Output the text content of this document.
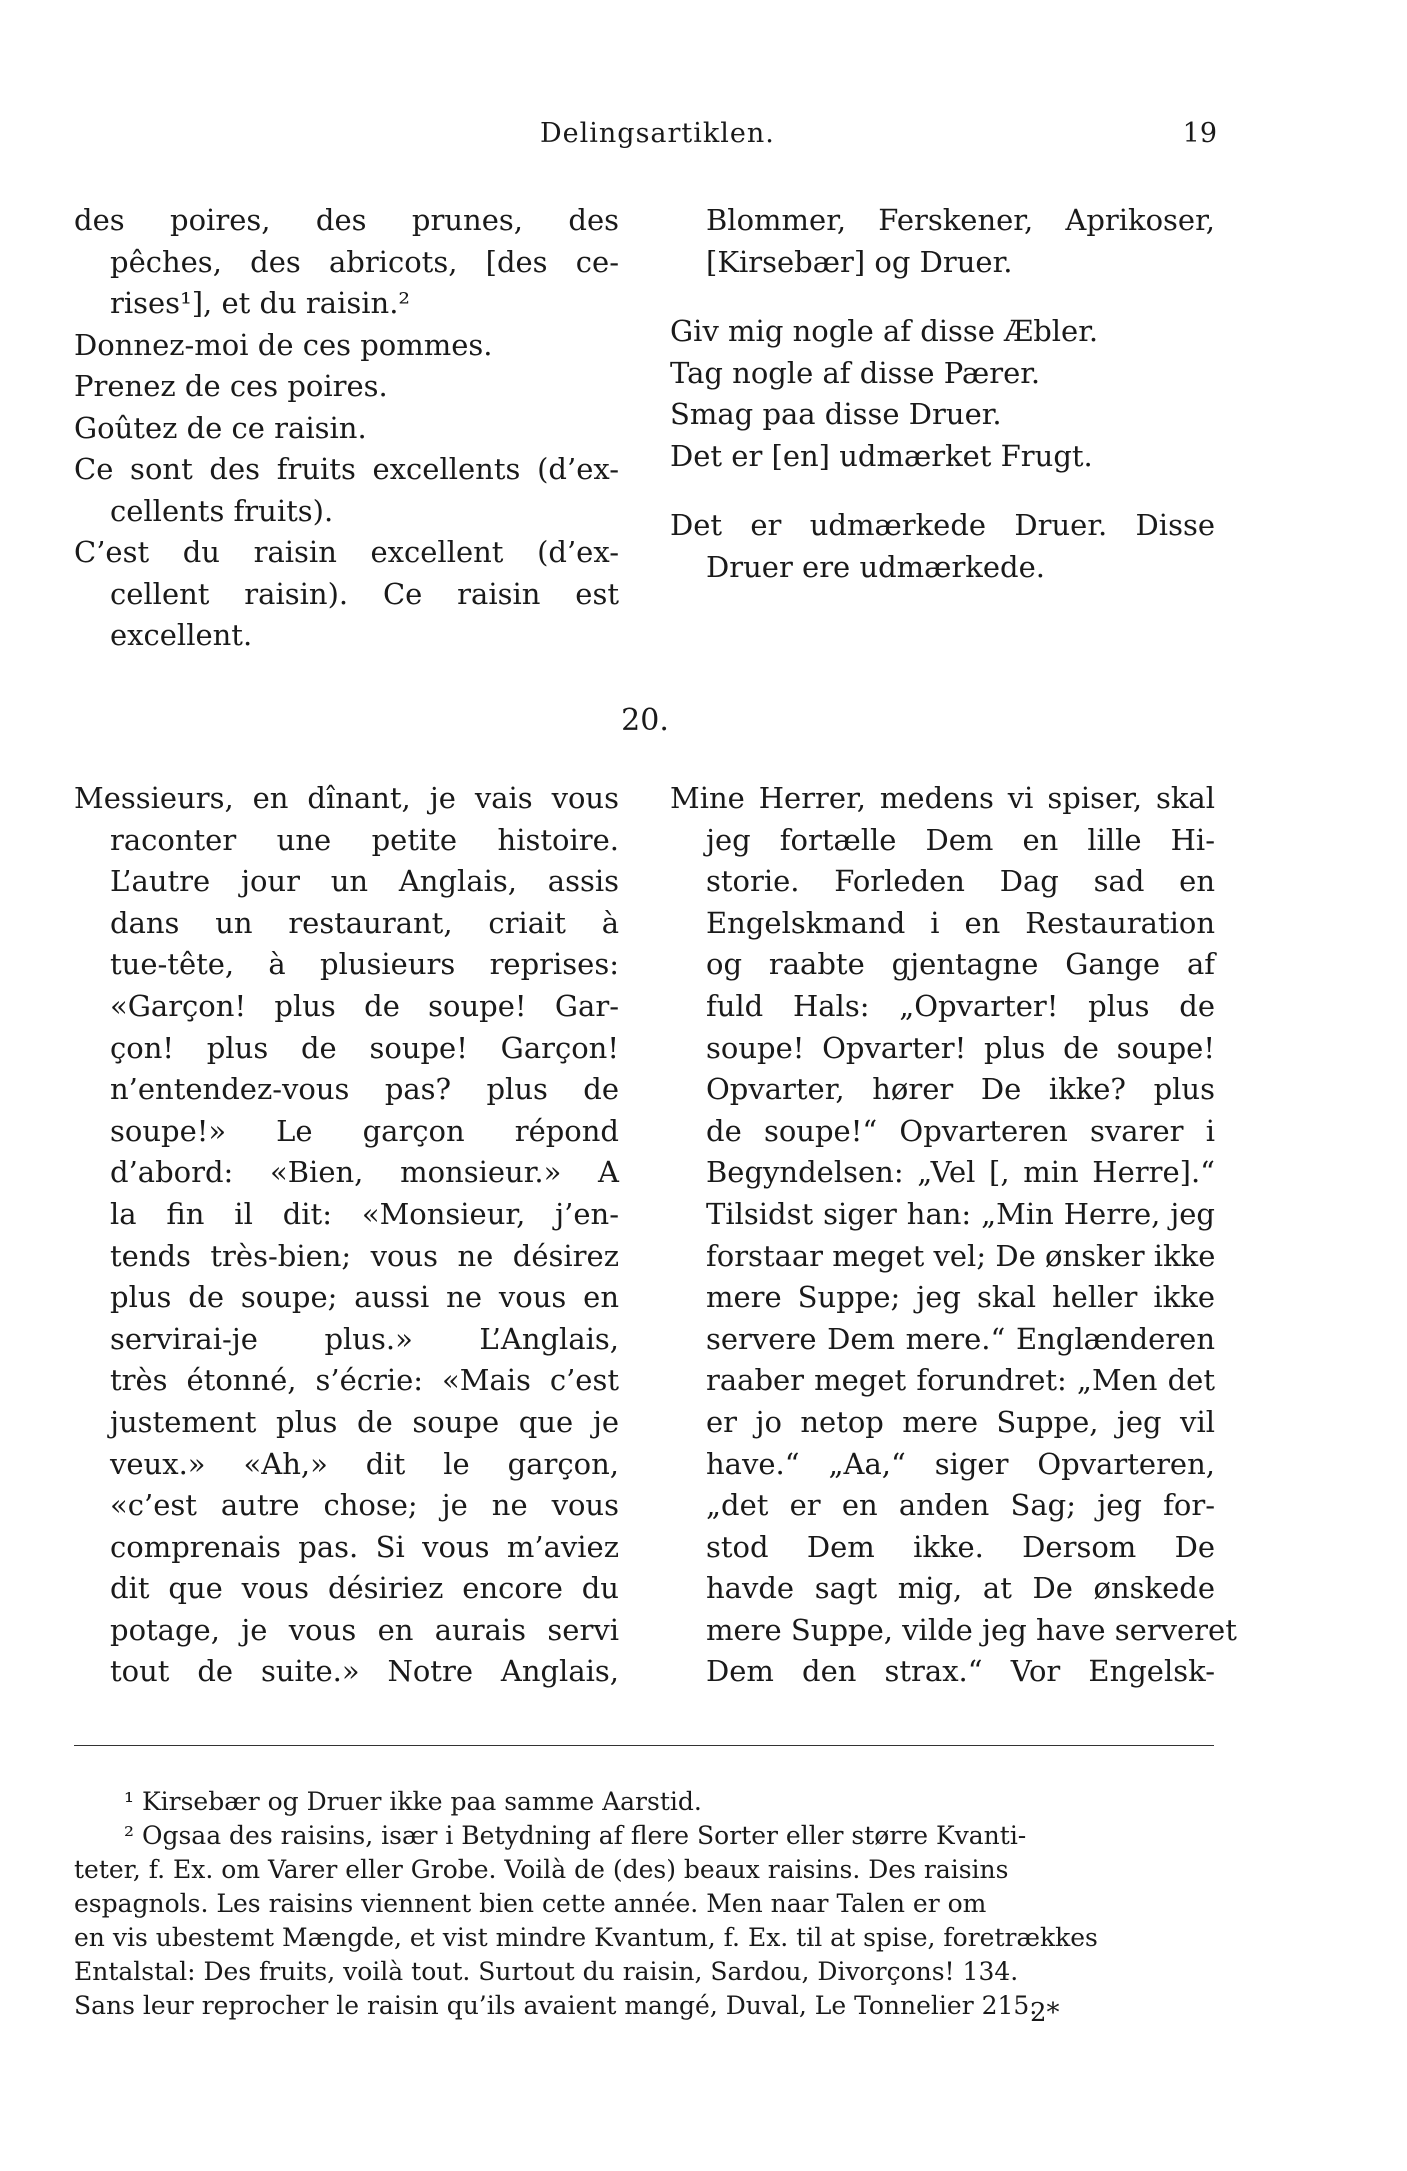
Delingsartiklen.	19
des poires, des prunes, des
pêches, des abricots, [des ce-
rises¹], et du raisin.²
Donnez-moi de ces pommes.
Prenez de ces poires.
Goûtez de ce raisin.
Ce sont des fruits excellents (d’ex-
cellents fruits).
C’est du raisin excellent (d’ex-
cellent raisin). Ce raisin est
excellent.
Blommer, Ferskener, Aprikoser,
[Kirsebær] og Druer.
Giv mig nogle af disse Æbler.
Tag nogle af disse Pærer.
Smag paa disse Druer.
Det er [en] udmærket Frugt.
Det er udmærkede Druer. Disse
Druer ere udmærkede.
20.
Messieurs, en dînant, je vais vous
raconter une petite histoire.
L’autre jour un Anglais, assis
dans un restaurant, criait à
tue-tête, à plusieurs reprises:
«Garçon! plus de soupe! Gar-
çon! plus de soupe! Garçon!
n’entendez-vous pas? plus de
soupe!» Le garçon répond
d’abord: «Bien, monsieur.» A
la fin il dit: «Monsieur, j’en-
tends très-bien; vous ne désirez
plus de soupe; aussi ne vous en
servirai-je plus.» L’Anglais,
très étonné, s’écrie: «Mais c’est
justement plus de soupe que je
veux.» «Ah,» dit le garçon,
«c’est autre chose; je ne vous
comprenais pas. Si vous m’aviez
dit que vous désiriez encore du
potage, je vous en aurais servi
tout de suite.» Notre Anglais,
Mine Herrer, medens vi spiser, skal
jeg fortælle Dem en lille Hi-
storie. Forleden Dag sad en
Engelskmand i en Restauration
og raabte gjentagne Gange af
fuld Hals: „Opvarter! plus de
soupe! Opvarter! plus de soupe!
Opvarter, hører De ikke? plus
de soupe!“ Opvarteren svarer i
Begyndelsen: „Vel [, min Herre].“
Tilsidst siger han: „Min Herre, jeg
forstaar meget vel; De ønsker ikke
mere Suppe; jeg skal heller ikke
servere Dem mere.“ Englænderen
raaber meget forundret: „Men det
er jo netop mere Suppe, jeg vil
have.“ „Aa,“ siger Opvarteren,
„det er en anden Sag; jeg for-
stod Dem ikke. Dersom De
havde sagt mig, at De ønskede
mere Suppe, vilde jeg have serveret
Dem den strax.“ Vor Engelsk-
¹ Kirsebær og Druer ikke paa samme Aarstid.
² Ogsaa des raisins, især i Betydning af flere Sorter eller større Kvanti-
teter, f. Ex. om Varer eller Grobe. Voilà de (des) beaux raisins. Des raisins
espagnols. Les raisins viennent bien cette année. Men naar Talen er om
en vis ubestemt Mængde, et vist mindre Kvantum, f. Ex. til at spise, foretrækkes
Entalstal: Des fruits, voilà tout. Surtout du raisin, Sardou, Divorçons! 134.
Sans leur reprocher le raisin qu’ils avaient mangé, Duval, Le Tonnelier 215.
2*
